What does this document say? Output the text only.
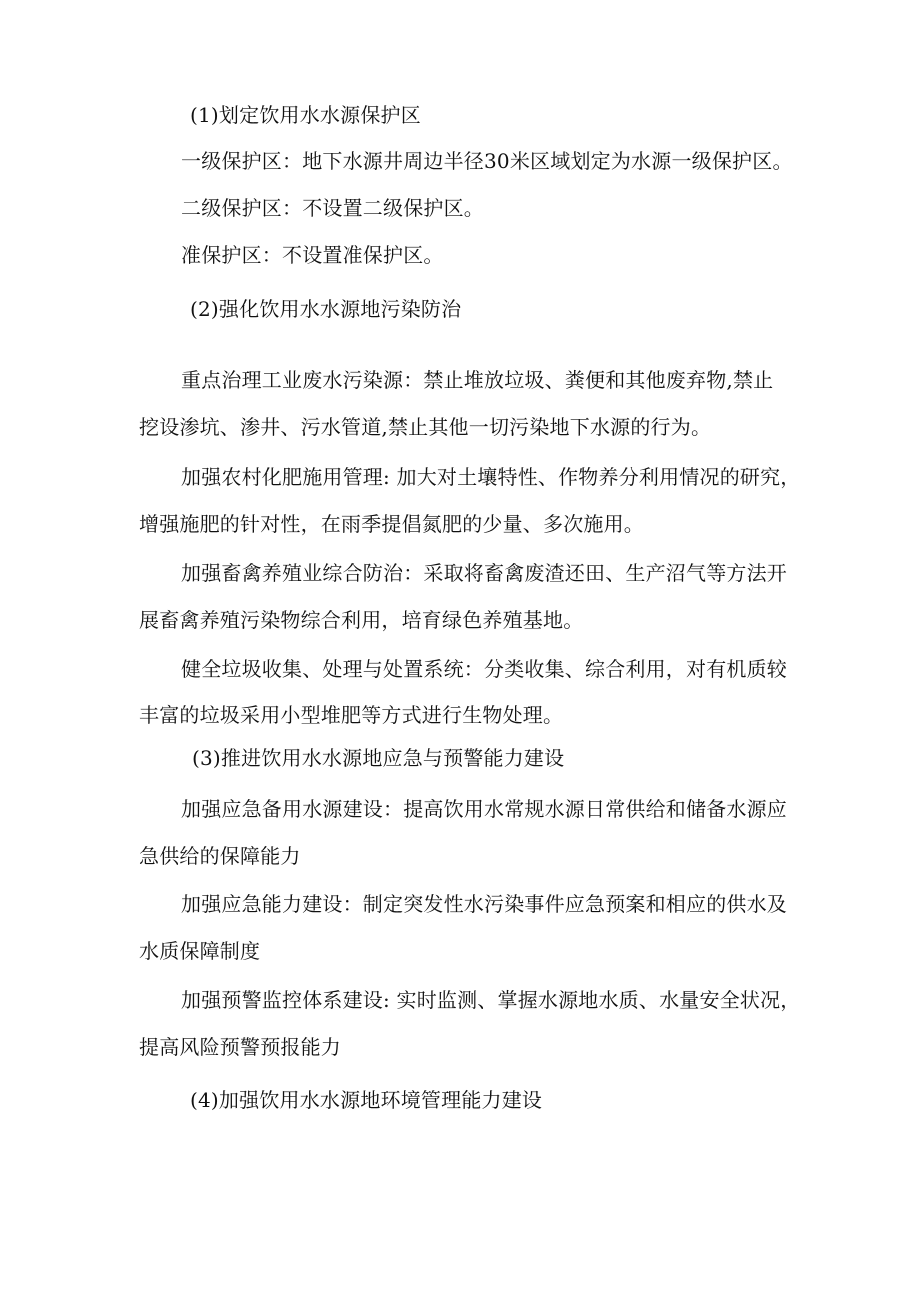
(1)划定饮用水水源保护区
一级保护区：地下水源井周边半径30米区域划定为水源一级保护区。
二级保护区：不设置二级保护区。
准保护区：不设置准保护区。
(2)强化饮用水水源地污染防治
重点治理工业废水污染源：禁止堆放垃圾、粪便和其他废弃物,禁止
挖设渗坑、渗井、污水管道,禁止其他一切污染地下水源的行为。
加强农村化肥施用管理: 加大对土壤特性、作物养分利用情况的研究，
增强施肥的针对性，在雨季提倡氮肥的少量、多次施用。
加强畜禽养殖业综合防治：采取将畜禽废渣还田、生产沼气等方法开
展畜禽养殖污染物综合利用，培育绿色养殖基地。
健全垃圾收集、处理与处置系统：分类收集、综合利用，对有机质较
丰富的垃圾采用小型堆肥等方式进行生物处理。
(3)推进饮用水水源地应急与预警能力建设
加强应急备用水源建设：提高饮用水常规水源日常供给和储备水源应
急供给的保障能力
加强应急能力建设：制定突发性水污染事件应急预案和相应的供水及
水质保障制度
加强预警监控体系建设: 实时监测、掌握水源地水质、水量安全状况，
提高风险预警预报能力
(4)加强饮用水水源地环境管理能力建设
